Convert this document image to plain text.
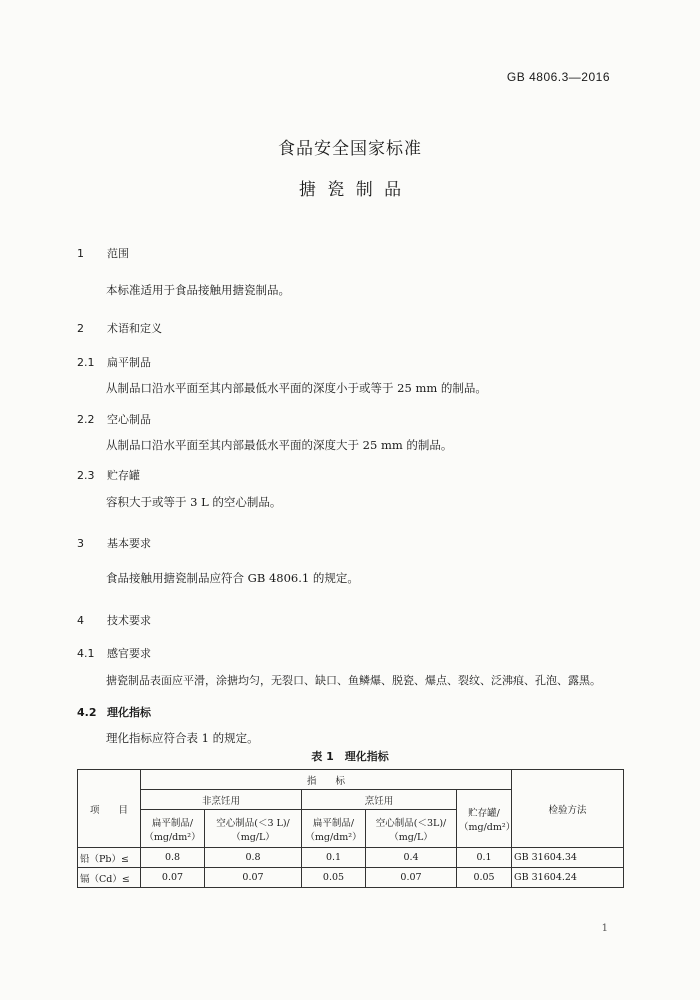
GB 4806.3—2016
食品安全国家标准
搪 瓷 制 品
1 范围
本标准适用于食品接触用搪瓷制品。
2 术语和定义
2.1 扁平制品
从制品口沿水平面至其内部最低水平面的深度小于或等于 25 mm 的制品。
2.2 空心制品
从制品口沿水平面至其内部最低水平面的深度大于 25 mm 的制品。
2.3 贮存罐
容积大于或等于 3 L 的空心制品。
3 基本要求
食品接触用搪瓷制品应符合 GB 4806.1 的规定。
4 技术要求
4.1 感官要求
搪瓷制品表面应平滑，涂搪均匀，无裂口、缺口、鱼鳞爆、脱瓷、爆点、裂纹、泛沸痕、孔泡、露黑。
4.2 理化指标
理化指标应符合表 1 的规定。
表 1　理化指标
项　　目	指　　标					检验方法
	非烹饪用		烹饪用		贮存罐/（mg/dm²）	
	扁平制品/（mg/dm²）	空心制品(＜3 L)/（mg/L）	扁平制品/（mg/dm²）	空心制品(＜3L)/（mg/L）		
铅（Pb）≤	0.8	0.8	0.1	0.4	0.1	GB 31604.34
镉（Cd）≤	0.07	0.07	0.05	0.07	0.05	GB 31604.24
1
